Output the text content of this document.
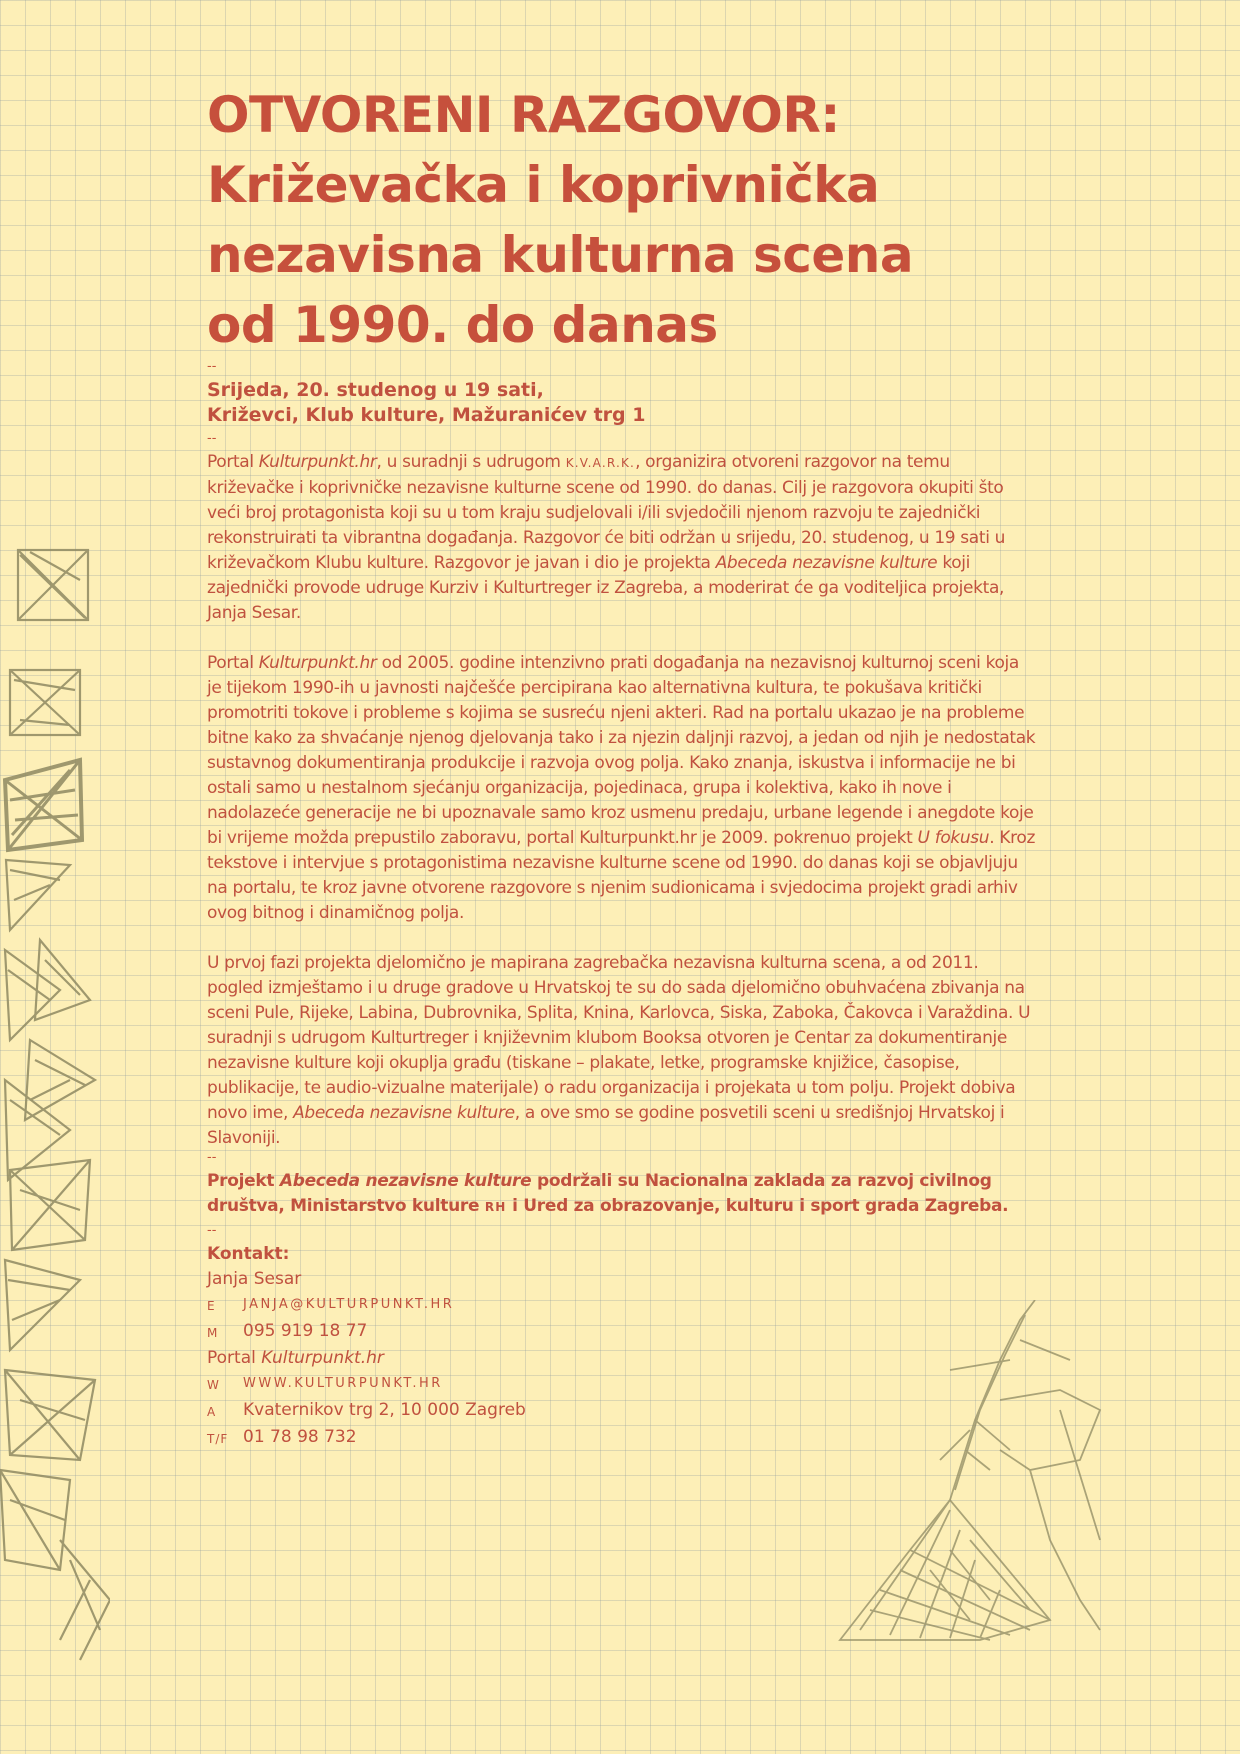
OTVORENI RAZGOVOR:
Križevačka i koprivnička
nezavisna kulturna scena
od 1990. do danas
--
Srijeda, 20. studenog u 19 sati,
Križevci, Klub kulture, Mažuranićev trg 1
--

Portal Kulturpunkt.hr, u suradnji s udrugom K.V.A.R.K., organizira otvoreni razgovor na temu križevačke i koprivničke nezavisne kulturne scene od 1990. do danas. Cilj je razgovora okupiti što veći broj protagonista koji su u tom kraju sudjelovali i/ili svjedočili njenom razvoju te zajednički rekonstruirati ta vibrantna događanja. Razgovor će biti održan u srijedu, 20. studenog, u 19 sati u križevačkom Klubu kulture. Razgovor je javan i dio je projekta Abeceda nezavisne kulture koji zajednički provode udruge Kurziv i Kulturtreger iz Zagreba, a moderirat će ga voditeljica projekta, Janja Sesar.

Portal Kulturpunkt.hr od 2005. godine intenzivno prati događanja na nezavisnoj kulturnoj sceni koja je tijekom 1990-ih u javnosti najčešće percipirana kao alternativna kultura, te pokušava kritički promotriti tokove i probleme s kojima se susreću njeni akteri. Rad na portalu ukazao je na probleme bitne kako za shvaćanje njenog djelovanja tako i za njezin daljnji razvoj, a jedan od njih je nedostatak sustavnog dokumentiranja produkcije i razvoja ovog polja. Kako znanja, iskustva i informacije ne bi ostali samo u nestalnom sjećanju organizacija, pojedinaca, grupa i kolektiva, kako ih nove i nadolazeće generacije ne bi upoznavale samo kroz usmenu predaju, urbane legende i anegdote koje bi vrijeme možda prepustilo zaboravu, portal Kulturpunkt.hr je 2009. pokrenuo projekt U fokusu. Kroz tekstove i intervjue s protagonistima nezavisne kulturne scene od 1990. do danas koji se objavljuju na portalu, te kroz javne otvorene razgovore s njenim sudionicama i svjedocima projekt gradi arhiv ovog bitnog i dinamičnog polja.

U prvoj fazi projekta djelomično je mapirana zagrebačka nezavisna kulturna scena, a od 2011. pogled izmještamo i u druge gradove u Hrvatskoj te su do sada djelomično obuhvaćena zbivanja na sceni Pule, Rijeke, Labina, Dubrovnika, Splita, Knina, Karlovca, Siska, Zaboka, Čakovca i Varaždina. U suradnji s udrugom Kulturtreger i književnim klubom Booksa otvoren je Centar za dokumentiranje nezavisne kulture koji okuplja građu (tiskane – plakate, letke, programske knjižice, časopise, publikacije, te audio-vizualne materijale) o radu organizacija i projekata u tom polju. Projekt dobiva novo ime, Abeceda nezavisne kulture, a ove smo se godine posvetili sceni u središnjoj Hrvatskoj i Slavoniji.

--
Projekt Abeceda nezavisne kulture podržali su Nacionalna zaklada za razvoj civilnog društva, Ministarstvo kulture RH i Ured za obrazovanje, kulturu i sport grada Zagreba.
--
Kontakt:
Janja Sesar
E	JANJA@KULTURPUNKT.HR
M	095 919 18 77
Portal Kulturpunkt.hr
W	WWW.KULTURPUNKT.HR
A	Kvaternikov trg 2, 10 000 Zagreb
T/F 01 78 98 732
